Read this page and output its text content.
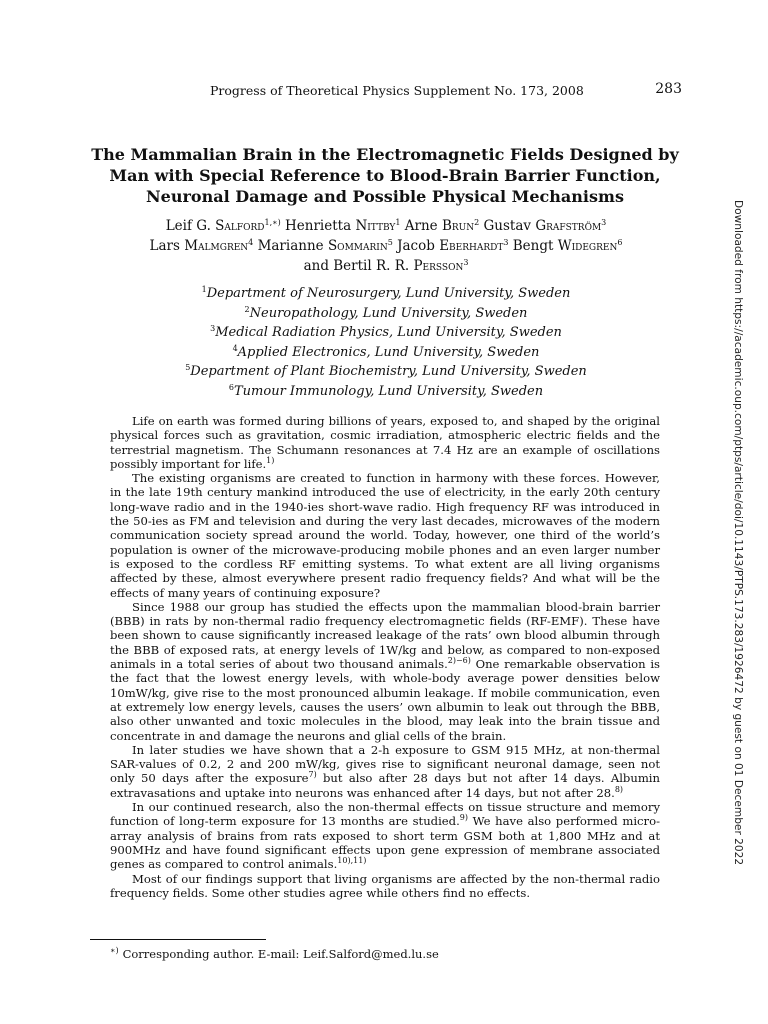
Progress of Theoretical Physics Supplement No. 173, 2008	283
The Mammalian Brain in the Electromagnetic Fields Designed by
Man with Special Reference to Blood-Brain Barrier Function,
Neuronal Damage and Possible Physical Mechanisms
Leif G. Salford$^{1,∗)}$ Henrietta Nittby$^1$ Arne Brun$^2$ Gustav Grafström$^3$
Lars Malmgren$^4$ Marianne Sommarin$^5$ Jacob Eberhardt$^3$ Bengt Widegren$^6$
and Bertil R. R. Persson$^3$
$^1$Department of Neurosurgery, Lund University, Sweden
$^2$Neuropathology, Lund University, Sweden
$^3$Medical Radiation Physics, Lund University, Sweden
$^4$Applied Electronics, Lund University, Sweden
$^5$Department of Plant Biochemistry, Lund University, Sweden
$^6$Tumour Immunology, Lund University, Sweden

Life on earth was formed during billions of years, exposed to, and shaped by the original physical forces such as gravitation, cosmic irradiation, atmospheric electric fields and the terrestrial magnetism. The Schumann resonances at 7.4 Hz are an example of oscillations possibly important for life.$^{1)}$

The existing organisms are created to function in harmony with these forces. However, in the late 19th century mankind introduced the use of electricity, in the early 20th century long-wave radio and in the 1940-ies short-wave radio. High frequency RF was introduced in the 50-ies as FM and television and during the very last decades, microwaves of the modern communication society spread around the world. Today, however, one third of the world’s population is owner of the microwave-producing mobile phones and an even larger number is exposed to the cordless RF emitting systems. To what extent are all living organisms affected by these, almost everywhere present radio frequency fields? And what will be the effects of many years of continuing exposure?

Since 1988 our group has studied the effects upon the mammalian blood-brain barrier (BBB) in rats by non-thermal radio frequency electromagnetic fields (RF-EMF). These have been shown to cause significantly increased leakage of the rats’ own blood albumin through the BBB of exposed rats, at energy levels of 1W/kg and below, as compared to non-exposed animals in a total series of about two thousand animals.$^{2)-6)}$ One remarkable observation is the fact that the lowest energy levels, with whole-body average power densities below 10mW/kg, give rise to the most pronounced albumin leakage. If mobile communication, even at extremely low energy levels, causes the users’ own albumin to leak out through the BBB, also other unwanted and toxic molecules in the blood, may leak into the brain tissue and concentrate in and damage the neurons and glial cells of the brain.

In later studies we have shown that a 2-h exposure to GSM 915 MHz, at non-thermal SAR-values of 0.2, 2 and 200 mW/kg, gives rise to significant neuronal damage, seen not only 50 days after the exposure$^{7)}$ but also after 28 days but not after 14 days. Albumin extravasations and uptake into neurons was enhanced after 14 days, but not after 28.$^{8)}$

In our continued research, also the non-thermal effects on tissue structure and memory function of long-term exposure for 13 months are studied.$^{9)}$ We have also performed micro-array analysis of brains from rats exposed to short term GSM both at 1,800 MHz and at 900MHz and have found significant effects upon gene expression of membrane associated genes as compared to control animals.$^{10),11)}$

Most of our findings support that living organisms are affected by the non-thermal radio frequency fields. Some other studies agree while others find no effects.

∗) Corresponding author. E-mail: Leif.Salford@med.lu.se
Downloaded from https://academic.oup.com/ptps/article/doi/10.1143/PTPS.173.283/1926472 by guest on 01 December 2022
